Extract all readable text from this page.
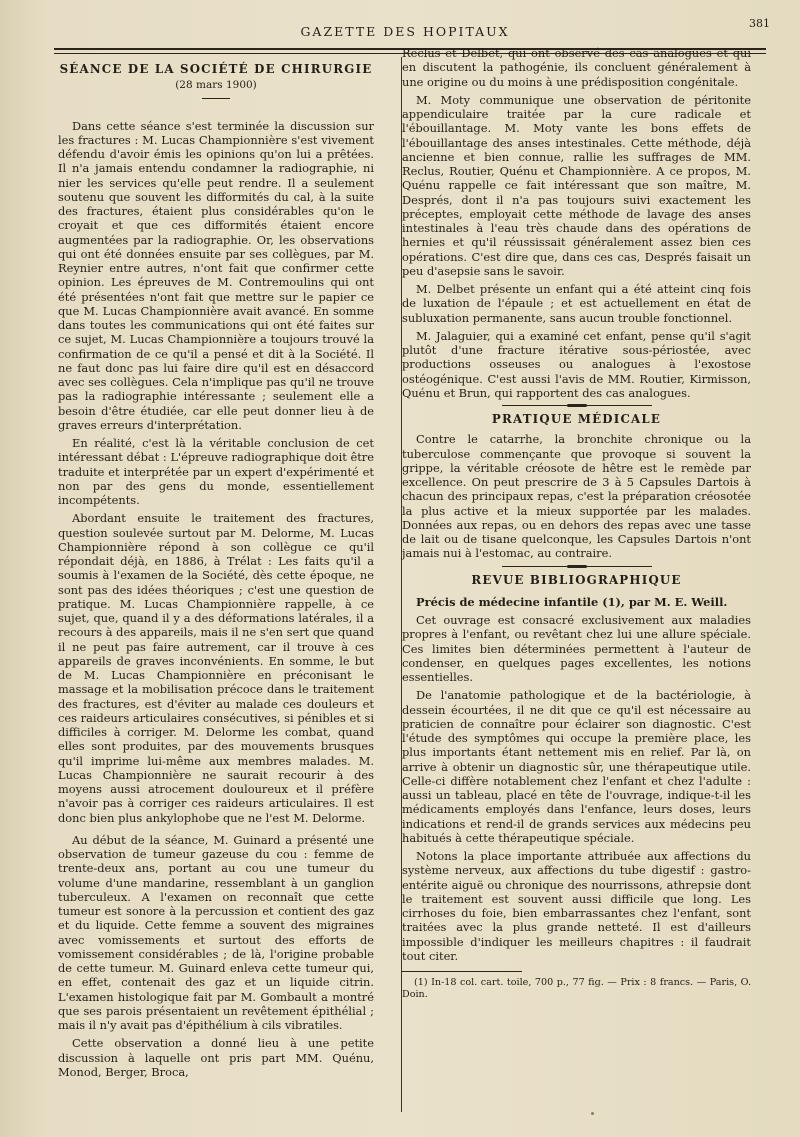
GAZETTE DES HOPITAUX
381
SÉANCE DE LA SOCIÉTÉ DE CHIRURGIE
(28 mars 1900)

Dans cette séance s'est terminée la discussion sur les fractures : M. Lucas Championnière s'est vivement défendu d'avoir émis les opinions qu'on lui a prêtées. Il n'a jamais entendu condamner la radiographie, ni nier les services qu'elle peut rendre. Il a seulement soutenu que souvent les difformités du cal, à la suite des fractures, étaient plus considérables qu'on le croyait et que ces difformités étaient encore augmentées par la radiographie. Or, les observations qui ont été données ensuite par ses collègues, par M. Reynier entre autres, n'ont fait que confirmer cette opinion. Les épreuves de M. Contremoulins qui ont été présentées n'ont fait que mettre sur le papier ce que M. Lucas Championnière avait avancé. En somme dans toutes les communications qui ont été faites sur ce sujet, M. Lucas Championnière a toujours trouvé la confirmation de ce qu'il a pensé et dit à la Société. Il ne faut donc pas lui faire dire qu'il est en désaccord avec ses collègues. Cela n'implique pas qu'il ne trouve pas la radiographie intéressante ; seulement elle a besoin d'être étudiée, car elle peut donner lieu à de graves erreurs d'interprétation.

En réalité, c'est là la véritable conclusion de cet intéressant débat : L'épreuve radiographique doit être traduite et interprétée par un expert d'expérimenté et non par des gens du monde, essentiellement incompétents.

Abordant ensuite le traitement des fractures, question soulevée surtout par M. Delorme, M. Lucas Championnière répond à son collègue ce qu'il répondait déjà, en 1886, à Trélat : Les faits qu'il a soumis à l'examen de la Société, dès cette époque, ne sont pas des idées théoriques ; c'est une question de pratique. M. Lucas Championnière rappelle, à ce sujet, que, quand il y a des déformations latérales, il a recours à des appareils, mais il ne s'en sert que quand il ne peut pas faire autrement, car il trouve à ces appareils de graves inconvénients. En somme, le but de M. Lucas Championnière en préconisant le massage et la mobilisation précoce dans le traitement des fractures, est d'éviter au malade ces douleurs et ces raideurs articulaires consécutives, si pénibles et si difficiles à corriger. M. Delorme les combat, quand elles sont produites, par des mouvements brusques qu'il imprime lui-même aux membres malades. M. Lucas Championnière ne saurait recourir à des moyens aussi atrocement douloureux et il préfère n'avoir pas à corriger ces raideurs articulaires. Il est donc bien plus ankylophobe que ne l'est M. Delorme.

Au début de la séance, M. Guinard a présenté une observation de tumeur gazeuse du cou : femme de trente-deux ans, portant au cou une tumeur du volume d'une mandarine, ressemblant à un ganglion tuberculeux. A l'examen on reconnaît que cette tumeur est sonore à la percussion et contient des gaz et du liquide. Cette femme a souvent des migraines avec vomissements et surtout des efforts de vomissement considérables ; de là, l'origine probable de cette tumeur. M. Guinard enleva cette tumeur qui, en effet, contenait des gaz et un liquide citrin. L'examen histologique fait par M. Gombault a montré que ses parois présentaient un revêtement épithélial ; mais il n'y avait pas d'épithélium à cils vibratiles.

Cette observation a donné lieu à une petite discussion à laquelle ont pris part MM. Quénu, Monod, Berger, Broca,

Reclus et Delbet, qui ont observé des cas analogues et qui en discutent la pathogénie, ils concluent généralement à une origine ou du moins à une prédisposition congénitale.

M. Moty communique une observation de péritonite appendiculaire traitée par la cure radicale et l'ébouillantage. M. Moty vante les bons effets de l'ébouillantage des anses intestinales. Cette méthode, déjà ancienne et bien connue, rallie les suffrages de MM. Reclus, Routier, Quénu et Championnière. A ce propos, M. Quénu rappelle ce fait intéressant que son maître, M. Després, dont il n'a pas toujours suivi exactement les préceptes, employait cette méthode de lavage des anses intestinales à l'eau très chaude dans des opérations de hernies et qu'il réussissait généralement assez bien ces opérations. C'est dire que, dans ces cas, Després faisait un peu d'asepsie sans le savoir.

M. Delbet présente un enfant qui a été atteint cinq fois de luxation de l'épaule ; et est actuellement en état de subluxation permanente, sans aucun trouble fonctionnel.

M. Jalaguier, qui a examiné cet enfant, pense qu'il s'agit plutôt d'une fracture itérative sous-périostée, avec productions osseuses ou analogues à l'exostose ostéogénique. C'est aussi l'avis de MM. Routier, Kirmisson, Quénu et Brun, qui rapportent des cas analogues.

PRATIQUE MÉDICALE

Contre le catarrhe, la bronchite chronique ou la tuberculose commençante que provoque si souvent la grippe, la véritable créosote de hêtre est le remède par excellence. On peut prescrire de 3 à 5 Capsules Dartois à chacun des principaux repas, c'est la préparation créosotée la plus active et la mieux supportée par les malades. Données aux repas, ou en dehors des repas avec une tasse de lait ou de tisane quelconque, les Capsules Dartois n'ont jamais nui à l'estomac, au contraire.

REVUE BIBLIOGRAPHIQUE

Précis de médecine infantile (1), par M. E. Weill.

Cet ouvrage est consacré exclusivement aux maladies propres à l'enfant, ou revêtant chez lui une allure spéciale. Ces limites bien déterminées permettent à l'auteur de condenser, en quelques pages excellentes, les notions essentielles.

De l'anatomie pathologique et de la bactériologie, à dessein écourtées, il ne dit que ce qu'il est nécessaire au praticien de connaître pour éclairer son diagnostic. C'est l'étude des symptômes qui occupe la première place, les plus importants étant nettement mis en relief. Par là, on arrive à obtenir un diagnostic sûr, une thérapeutique utile. Celle-ci diffère notablement chez l'enfant et chez l'adulte : aussi un tableau, placé en tête de l'ouvrage, indique-t-il les médicaments employés dans l'enfance, leurs doses, leurs indications et rend-il de grands services aux médecins peu habitués à cette thérapeutique spéciale.

Notons la place importante attribuée aux affections du système nerveux, aux affections du tube digestif : gastro-entérite aiguë ou chronique des nourrissons, athrepsie dont le traitement est souvent aussi difficile que long. Les cirrhoses du foie, bien embarrassantes chez l'enfant, sont traitées avec la plus grande netteté. Il est d'ailleurs impossible d'indiquer les meilleurs chapitres : il faudrait tout citer.

(1) In-18 col. cart. toile, 700 p., 77 fig. — Prix : 8 francs. — Paris, O. Doin.
